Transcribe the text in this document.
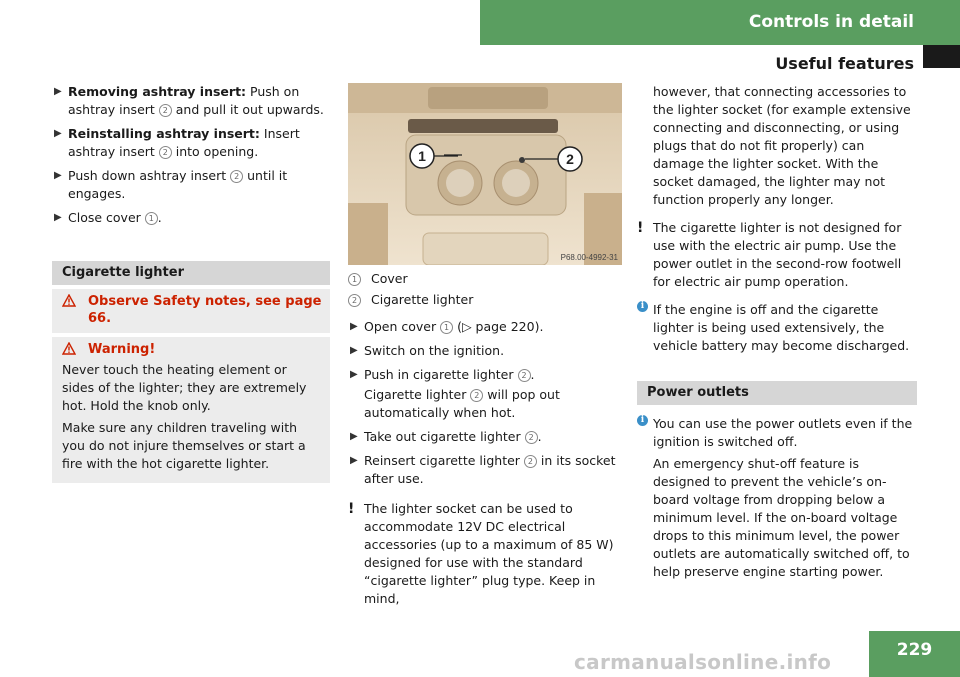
Controls in detail
Useful features
▶ Removing ashtray insert: Push on ashtray insert 2 and pull it out upwards.

▶ Reinstalling ashtray insert: Insert ashtray insert 2 into opening.

▶ Push down ashtray insert 2 until it engages.

▶ Close cover 1 .

Cigarette lighter
Observe Safety notes, see page 66.
Warning!

Never touch the heating element or sides of the lighter; they are extremely hot. Hold the knob only.

Make sure any children traveling with you do not injure themselves or start a fire with the hot cigarette lighter.

1	2
P68.00-4992-31
1	Cover
2	Cigarette lighter
▶ Open cover 1 (▷ page 220).

▶ Switch on the ignition.

▶ Push in cigarette lighter 2 .

Cigarette lighter 2 will pop out automatically when hot.

▶ Take out cigarette lighter 2 .

▶ Reinsert cigarette lighter 2 in its socket after use.

! The lighter socket can be used to accommodate 12V DC electrical accessories (up to a maximum of 85 W) designed for use with the standard “cigarette lighter” plug type. Keep in mind,

however, that connecting accessories to the lighter socket (for example extensive connecting and disconnecting, or using plugs that do not fit properly) can damage the lighter socket. With the socket damaged, the lighter may not function properly any longer.

! The cigarette lighter is not designed for use with the electric air pump. Use the power outlet in the second-row footwell for electric air pump operation.

i If the engine is off and the cigarette lighter is being used extensively, the vehicle battery may become discharged.

Power outlets
i You can use the power outlets even if the ignition is switched off.

An emergency shut-off feature is designed to prevent the vehicle’s on-board voltage from dropping below a minimum level. If the on-board voltage drops to this minimum level, the power outlets are automatically switched off, to help preserve engine starting power.

229
carmanualsonline.info
